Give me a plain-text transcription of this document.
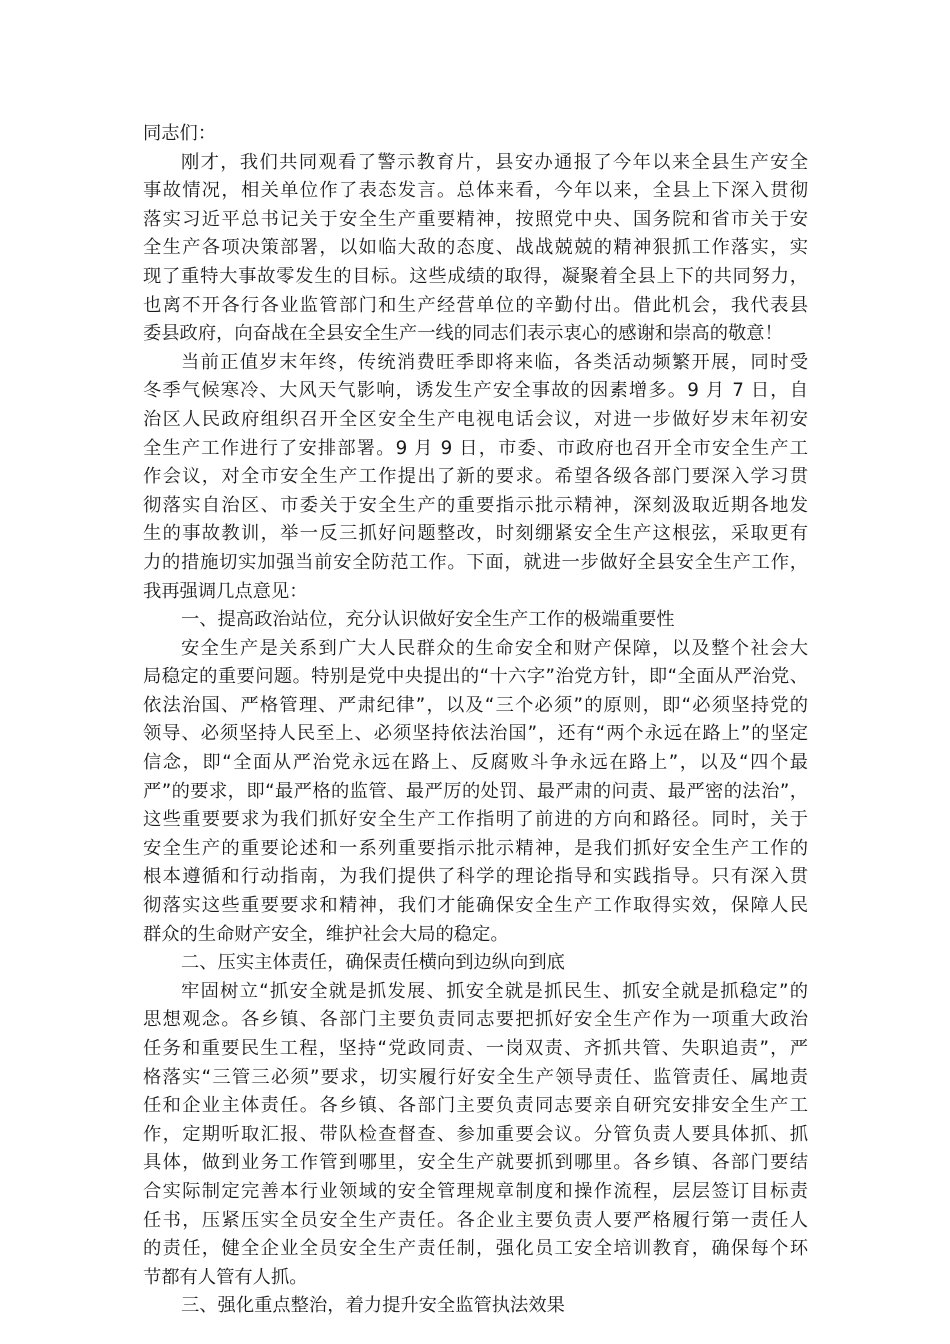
同志们：
刚才，我们共同观看了警示教育片，县安办通报了今年以来全县生产安全
事故情况，相关单位作了表态发言。总体来看，今年以来，全县上下深入贯彻
落实习近平总书记关于安全生产重要精神，按照党中央、国务院和省市关于安
全生产各项决策部署，以如临大敌的态度、战战兢兢的精神狠抓工作落实，实
现了重特大事故零发生的目标。这些成绩的取得，凝聚着全县上下的共同努力，
也离不开各行各业监管部门和生产经营单位的辛勤付出。借此机会，我代表县
委县政府，向奋战在全县安全生产一线的同志们表示衷心的感谢和崇高的敬意！
当前正值岁末年终，传统消费旺季即将来临，各类活动频繁开展，同时受
冬季气候寒冷、大风天气影响，诱发生产安全事故的因素增多。9 月 7 日，自
治区人民政府组织召开全区安全生产电视电话会议，对进一步做好岁末年初安
全生产工作进行了安排部署。9 月 9 日，市委、市政府也召开全市安全生产工
作会议，对全市安全生产工作提出了新的要求。希望各级各部门要深入学习贯
彻落实自治区、市委关于安全生产的重要指示批示精神，深刻汲取近期各地发
生的事故教训，举一反三抓好问题整改，时刻绷紧安全生产这根弦，采取更有
力的措施切实加强当前安全防范工作。下面，就进一步做好全县安全生产工作，
我再强调几点意见：
一、提高政治站位，充分认识做好安全生产工作的极端重要性
安全生产是关系到广大人民群众的生命安全和财产保障，以及整个社会大
局稳定的重要问题。特别是党中央提出的“十六字”治党方针，即“全面从严治党、
依法治国、严格管理、严肃纪律”，以及“三个必须”的原则，即“必须坚持党的
领导、必须坚持人民至上、必须坚持依法治国”，还有“两个永远在路上”的坚定
信念，即“全面从严治党永远在路上、反腐败斗争永远在路上”，以及“四个最
严”的要求，即“最严格的监管、最严厉的处罚、最严肃的问责、最严密的法治”，
这些重要要求为我们抓好安全生产工作指明了前进的方向和路径。同时，关于
安全生产的重要论述和一系列重要指示批示精神，是我们抓好安全生产工作的
根本遵循和行动指南，为我们提供了科学的理论指导和实践指导。只有深入贯
彻落实这些重要要求和精神，我们才能确保安全生产工作取得实效，保障人民
群众的生命财产安全，维护社会大局的稳定。
二、压实主体责任，确保责任横向到边纵向到底
牢固树立“抓安全就是抓发展、抓安全就是抓民生、抓安全就是抓稳定”的
思想观念。各乡镇、各部门主要负责同志要把抓好安全生产作为一项重大政治
任务和重要民生工程，坚持“党政同责、一岗双责、齐抓共管、失职追责”，严
格落实“三管三必须”要求，切实履行好安全生产领导责任、监管责任、属地责
任和企业主体责任。各乡镇、各部门主要负责同志要亲自研究安排安全生产工
作，定期听取汇报、带队检查督查、参加重要会议。分管负责人要具体抓、抓
具体，做到业务工作管到哪里，安全生产就要抓到哪里。各乡镇、各部门要结
合实际制定完善本行业领域的安全管理规章制度和操作流程，层层签订目标责
任书，压紧压实全员安全生产责任。各企业主要负责人要严格履行第一责任人
的责任，健全企业全员安全生产责任制，强化员工安全培训教育，确保每个环
节都有人管有人抓。
三、强化重点整治，着力提升安全监管执法效果
